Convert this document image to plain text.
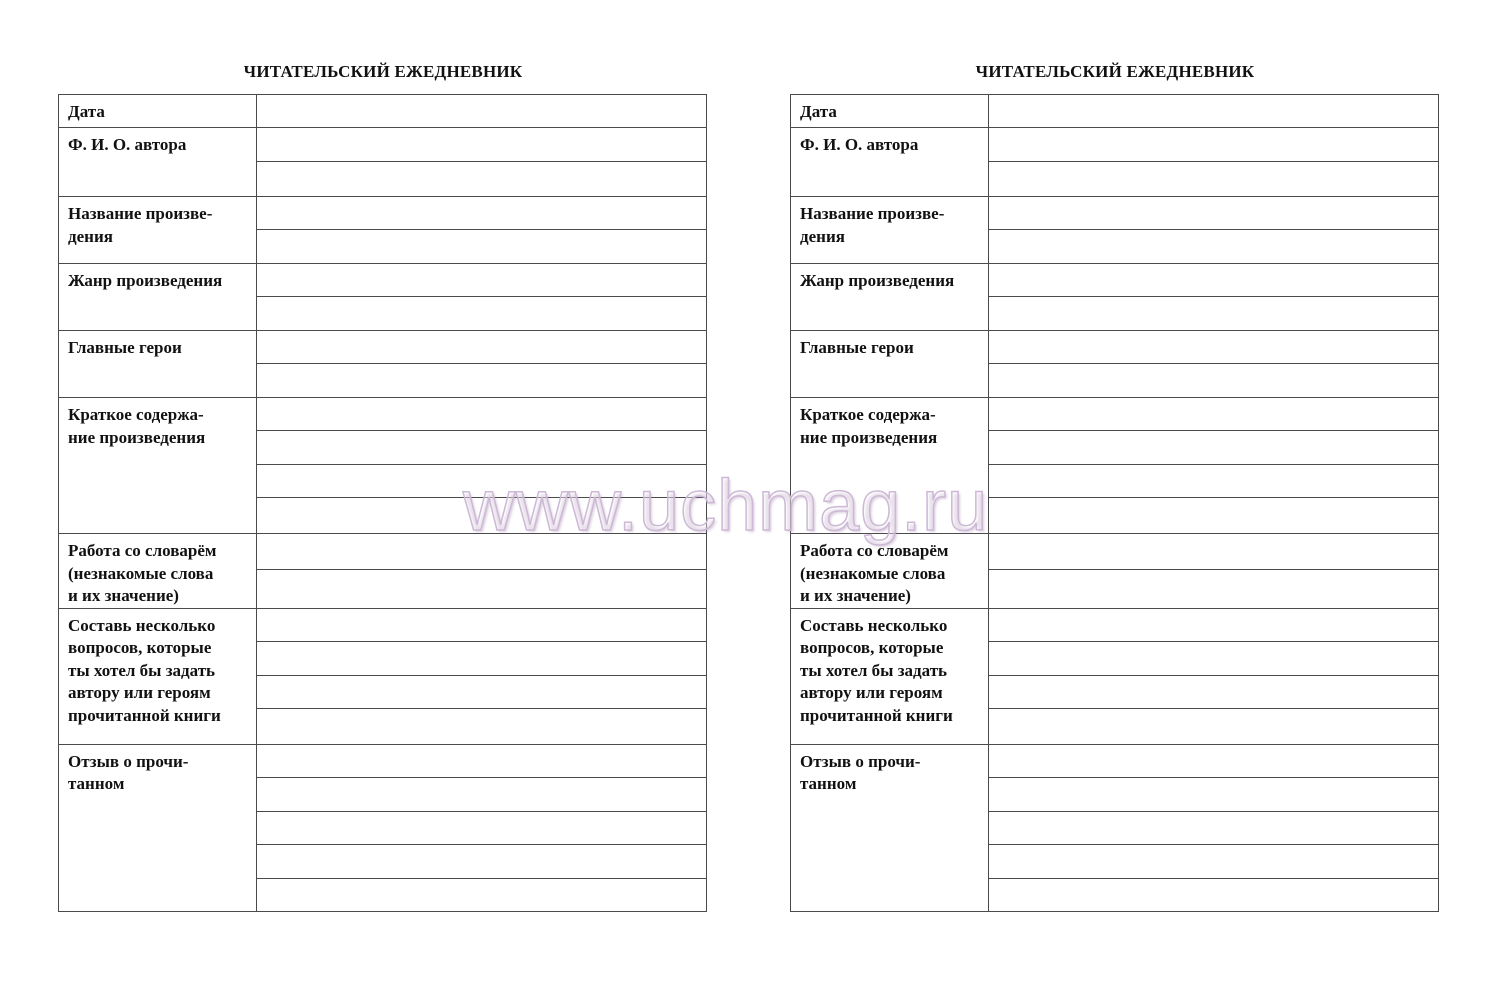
ЧИТАТЕЛЬСКИЙ ЕЖЕДНЕВНИК
Дата	
Ф. И. О. автора	

Название произве-
дения	

Жанр произведения	

Главные герои	

Краткое содержа-
ние произведения	

Работа со словарём
(незнакомые слова
и их значение)	

Составь несколько
вопросов, которые
ты хотел бы задать
автору или героям
прочитанной книги	

Отзыв о прочи-
танном	

ЧИТАТЕЛЬСКИЙ ЕЖЕДНЕВНИК
Дата	
Ф. И. О. автора	

Название произве-
дения	

Жанр произведения	

Главные герои	

Краткое содержа-
ние произведения	

Работа со словарём
(незнакомые слова
и их значение)	

Составь несколько
вопросов, которые
ты хотел бы задать
автору или героям
прочитанной книги	

Отзыв о прочи-
танном	

www.uchmag.ru
